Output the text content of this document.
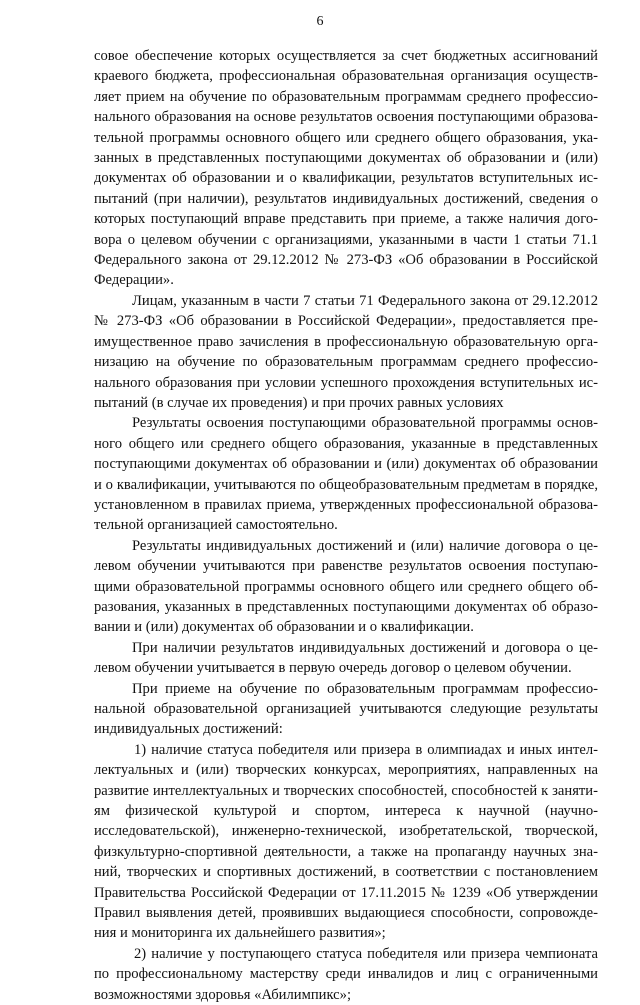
6

совое обеспечение которых осуществляется за счет бюджетных ассигнований краевого бюджета, профессиональная образовательная организация осуществляет прием на обучение по образовательным программам среднего профессионального образования на основе результатов освоения поступающими образовательной программы основного общего или среднего общего образования, указанных в представленных поступающими документах об образовании и (или) документах об образовании и о квалификации, результатов вступительных испытаний (при наличии), результатов индивидуальных достижений, сведения о которых поступающий вправе представить при приеме, а также наличия договора о целевом обучении с организациями, указанными в части 1 статьи 71.1 Федерального закона от 29.12.2012 № 273-ФЗ «Об образовании в Российской Федерации».

Лицам, указанным в части 7 статьи 71 Федерального закона от 29.12.2012 № 273-ФЗ «Об образовании в Российской Федерации», предоставляется преимущественное право зачисления в профессиональную образовательную организацию на обучение по образовательным программам среднего профессионального образования при условии успешного прохождения вступительных испытаний (в случае их проведения) и при прочих равных условиях

Результаты освоения поступающими образовательной программы основного общего или среднего общего образования, указанные в представленных поступающими документах об образовании и (или) документах об образовании и о квалификации, учитываются по общеобразовательным предметам в порядке, установленном в правилах приема, утвержденных профессиональной образовательной организацией самостоятельно.

Результаты индивидуальных достижений и (или) наличие договора о целевом обучении учитываются при равенстве результатов освоения поступающими образовательной программы основного общего или среднего общего образования, указанных в представленных поступающими документах об образовании и (или) документах об образовании и о квалификации.

При наличии результатов индивидуальных достижений и договора о целевом обучении учитывается в первую очередь договор о целевом обучении.

При приеме на обучение по образовательным программам профессиональной образовательной организацией учитываются следующие результаты индивидуальных достижений:

1) наличие статуса победителя или призера в олимпиадах и иных интеллектуальных и (или) творческих конкурсах, мероприятиях, направленных на развитие интеллектуальных и творческих способностей, способностей к занятиям физической культурой и спортом, интереса к научной (научно-исследовательской), инженерно-технической, изобретательской, творческой, физкультурно-спортивной деятельности, а также на пропаганду научных знаний, творческих и спортивных достижений, в соответствии с постановлением Правительства Российской Федерации от 17.11.2015 № 1239 «Об утверждении Правил выявления детей, проявивших выдающиеся способности, сопровождения и мониторинга их дальнейшего развития»;

2) наличие у поступающего статуса победителя или призера чемпионата по профессиональному мастерству среди инвалидов и лиц с ограниченными возможностями здоровья «Абилимпикс»;
